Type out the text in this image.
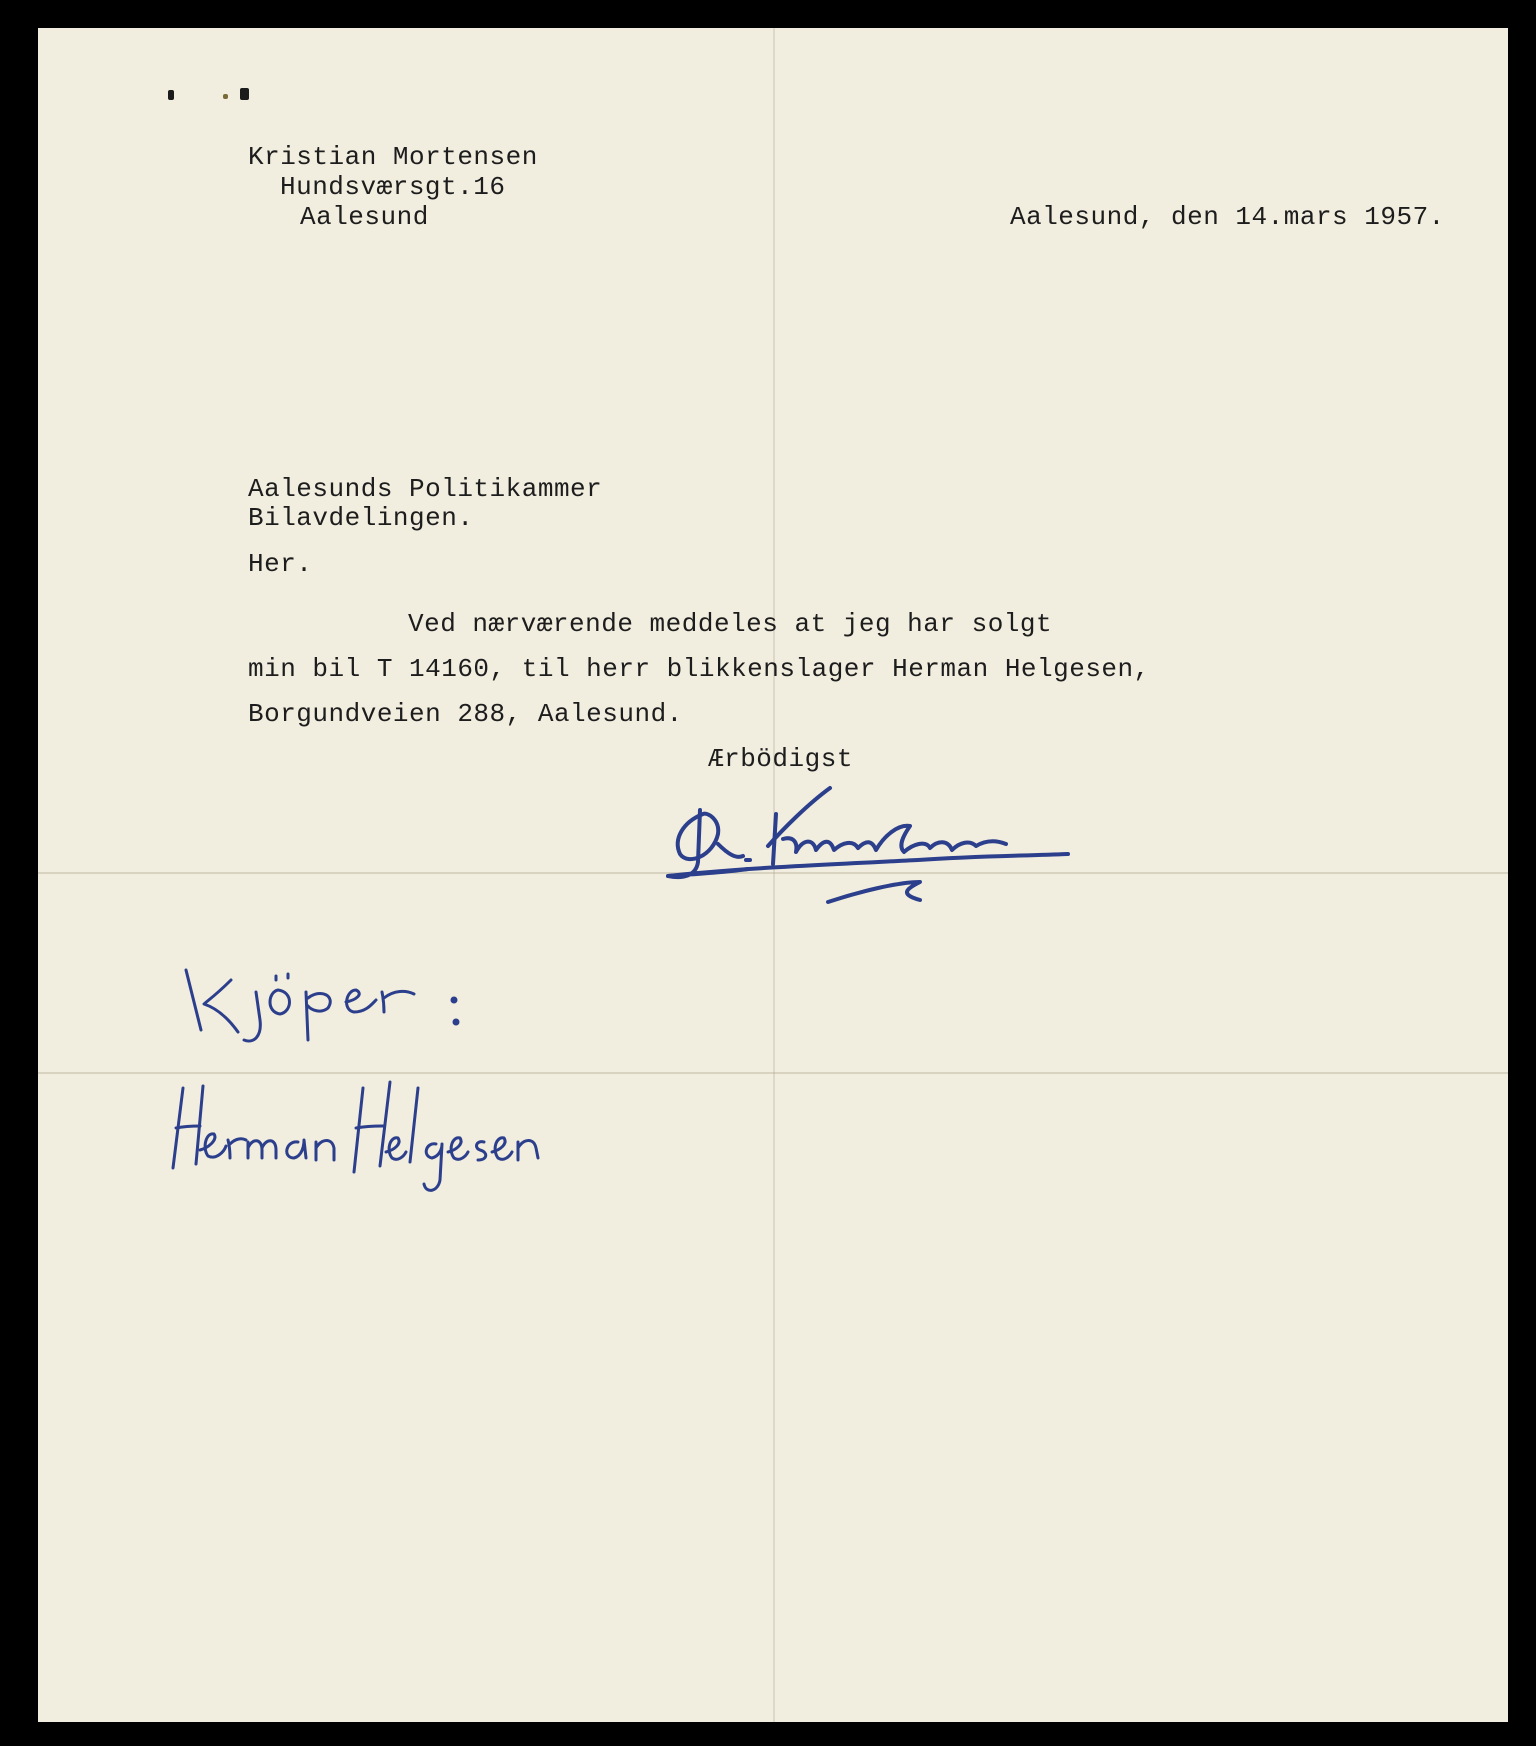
Kristian Mortensen
Hundsværsgt.16
Aalesund	Aalesund, den 14.mars 1957.
Aalesunds Politikammer
Bilavdelingen.
Her.
Ved nærværende meddeles at jeg har solgt
min bil T 14160, til herr blikkenslager Herman Helgesen,
Borgundveien 288, Aalesund.
Ærbödigst
